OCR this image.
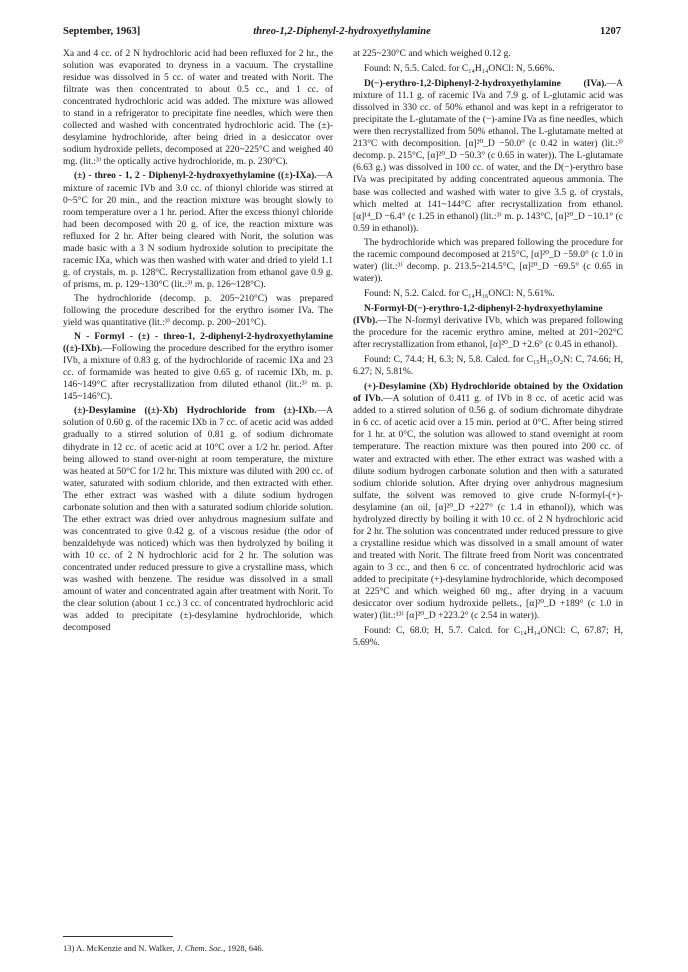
September, 1963]	threo-1,2-Diphenyl-2-hydroxyethylamine	1207

Xa and 4 cc. of 2 N hydrochloric acid had been refluxed for 2 hr., the solution was evaporated to dryness in a vacuum. The crystalline residue was dissolved in 5 cc. of water and treated with Norit. The filtrate was then concentrated to about 0.5 cc., and 1 cc. of concentrated hydrochloric acid was added. The mixture was allowed to stand in a refrigerator to precipitate fine needles, which were then collected and washed with concentrated hydrochloric acid. The (±)-desylamine hydrochloride, after being dried in a desiccator over sodium hydroxide pellets, decomposed at 220~225°C and weighed 40 mg. (lit.:³⁾ the optically active hydrochloride, m. p. 230°C).

(±) - threo - 1, 2 - Diphenyl-2-hydroxyethylamine ((±)-IXa).—A mixture of racemic IVb and 3.0 cc. of thionyl chloride was stirred at 0~5°C for 20 min., and the reaction mixture was brought slowly to room temperature over a 1 hr. period. After the excess thionyl chloride had been decomposed with 20 g. of ice, the reaction mixture was refluxed for 2 hr. After being cleared with Norit, the solution was made basic with a 3 N sodium hydroxide solution to precipitate the racemic IXa, which was then washed with water and dried to yield 1.1 g. of crystals, m. p. 128°C. Recrystallization from ethanol gave 0.9 g. of prisms, m. p. 129~130°C (lit.:³⁾ m. p. 126~128°C).

The hydrochloride (decomp. p. 205~210°C) was prepared following the procedure described for the erythro isomer IVa. The yield was quantitative (lit.:³⁾ decomp. p. 200~201°C).

N - Formyl - (±) - threo-1, 2-diphenyl-2-hydroxyethylamine ((±)-IXb).—Following the procedure described for the erythro isomer IVb, a mixture of 0.83 g. of the hydrochloride of racemic IXa and 23 cc. of formamide was heated to give 0.65 g. of racemic IXb, m. p. 146~149°C after recrystallization from diluted ethanol (lit.:³⁾ m. p. 145~146°C).

(±)-Desylamine ((±)-Xb) Hydrochloride from (±)-IXb.—A solution of 0.60 g. of the racemic IXb in 7 cc. of acetic acid was added gradually to a stirred solution of 0.81 g. of sodium dichromate dihydrate in 12 cc. of acetic acid at 10°C over a 1/2 hr. period. After being allowed to stand over-night at room temperature, the mixture was heated at 50°C for 1/2 hr. This mixture was diluted with 200 cc. of water, saturated with sodium chloride, and then extracted with ether. The ether extract was washed with a dilute sodium hydrogen carbonate solution and then with a saturated sodium chloride solution. The ether extract was dried over anhydrous magnesium sulfate and was concentrated to give 0.42 g. of a viscous residue (the odor of benzaldehyde was noticed) which was then hydrolyzed by boiling it with 10 cc. of 2 N hydrochloric acid for 2 hr. The solution was concentrated under reduced pressure to give a crystalline mass, which was washed with benzene. The residue was dissolved in a small amount of water and concentrated again after treatment with Norit. To the clear solution (about 1 cc.) 3 cc. of concentrated hydrochloric acid was added to precipitate (±)-desylamine hydrochloride, which decomposed

at 225~230°C and which weighed 0.12 g.

Found: N, 5.5. Calcd. for C₁₄H₁₄ONCl: N, 5.66%.

D(−)-erythro-1,2-Diphenyl-2-hydroxyethylamine (IVa).—A mixture of 11.1 g. of racemic IVa and 7.9 g. of L-glutamic acid was dissolved in 330 cc. of 50% ethanol and was kept in a refrigerator to precipitate the L-glutamate of the (−)-amine IVa as fine needles, which were then recrystallized from 50% ethanol. The L-glutamate melted at 213°C with decomposition. [α]²⁰_D −50.0° (c 0.42 in water) (lit.:³⁾ decomp. p. 215°C, [α]²⁰_D −50.3° (c 0.65 in water)). The L-glutamate (6.63 g.) was dissolved in 100 cc. of water, and the D(−)-erythro base IVa was precipitated by adding concentrated aqueous ammonia. The base was collected and washed with water to give 3.5 g. of crystals, which melted at 141~144°C after recrystallization from ethanol. [α]¹⁴_D −6.4° (c 1.25 in ethanol) (lit.:³⁾ m. p. 143°C, [α]²⁰_D −10.1° (c 0.59 in ethanol)).

The hydrochloride which was prepared following the procedure for the racemic compound decomposed at 215°C, [α]²⁰_D −59.0° (c 1.0 in water) (lit.:³⁾ decomp. p. 213.5~214.5°C, [α]²⁰_D −69.5° (c 0.65 in water)).

Found: N, 5.2. Calcd. for C₁₄H₁₆ONCl: N, 5.61%.

N-Formyl-D(−)-erythro-1,2-diphenyl-2-hydroxyethylamine (IVb).—The N-formyl derivative IVb, which was prepared following the procedure for the racemic erythro amine, melted at 201~202°C after recrystallization from ethanol, [α]²⁰_D +2.6° (c 0.45 in ethanol).

Found: C, 74.4; H, 6.3; N, 5.8. Calcd. for C₁₅H₁₅O₂N: C, 74.66; H, 6.27; N, 5.81%.

(+)-Desylamine (Xb) Hydrochloride obtained by the Oxidation of IVb.—A solution of 0.411 g. of IVb in 8 cc. of acetic acid was added to a stirred solution of 0.56 g. of sodium dichromate dihydrate in 6 cc. of acetic acid over a 15 min. period at 0°C. After being stirred for 1 hr. at 0°C, the solution was allowed to stand overnight at room temperature. The reaction mixture was then poured into 200 cc. of water and extracted with ether. The ether extract was washed with a dilute sodium hydrogen carbonate solution and then with a saturated sodium chloride solution. After drying over anhydrous magnesium sulfate, the solvent was removed to give crude N-formyl-(+)-desylamine (an oil, [α]²⁰_D +227° (c 1.4 in ethanol)), which was hydrolyzed directly by boiling it with 10 cc. of 2 N hydrochloric acid for 2 hr. The solution was concentrated under reduced pressure to give a crystalline residue which was dissolved in a small amount of water and treated with Norit. The filtrate freed from Norit was concentrated again to 3 cc., and then 6 cc. of concentrated hydrochloric acid was added to precipitate (+)-desylamine hydrochloride, which decomposed at 225°C and which weighed 60 mg., after drying in a vacuum desiccator over sodium hydroxide pellets., [α]²⁰_D +189° (c 1.0 in water) (lit.:¹³⁾ [α]²⁰_D +223.2° (c 2.54 in water)).

Found: C, 68.0; H, 5.7. Calcd. for C₁₄H₁₄ONCl: C, 67.87; H, 5.69%.

13) A. McKenzie and N. Walker, J. Chem. Soc., 1928, 646.
